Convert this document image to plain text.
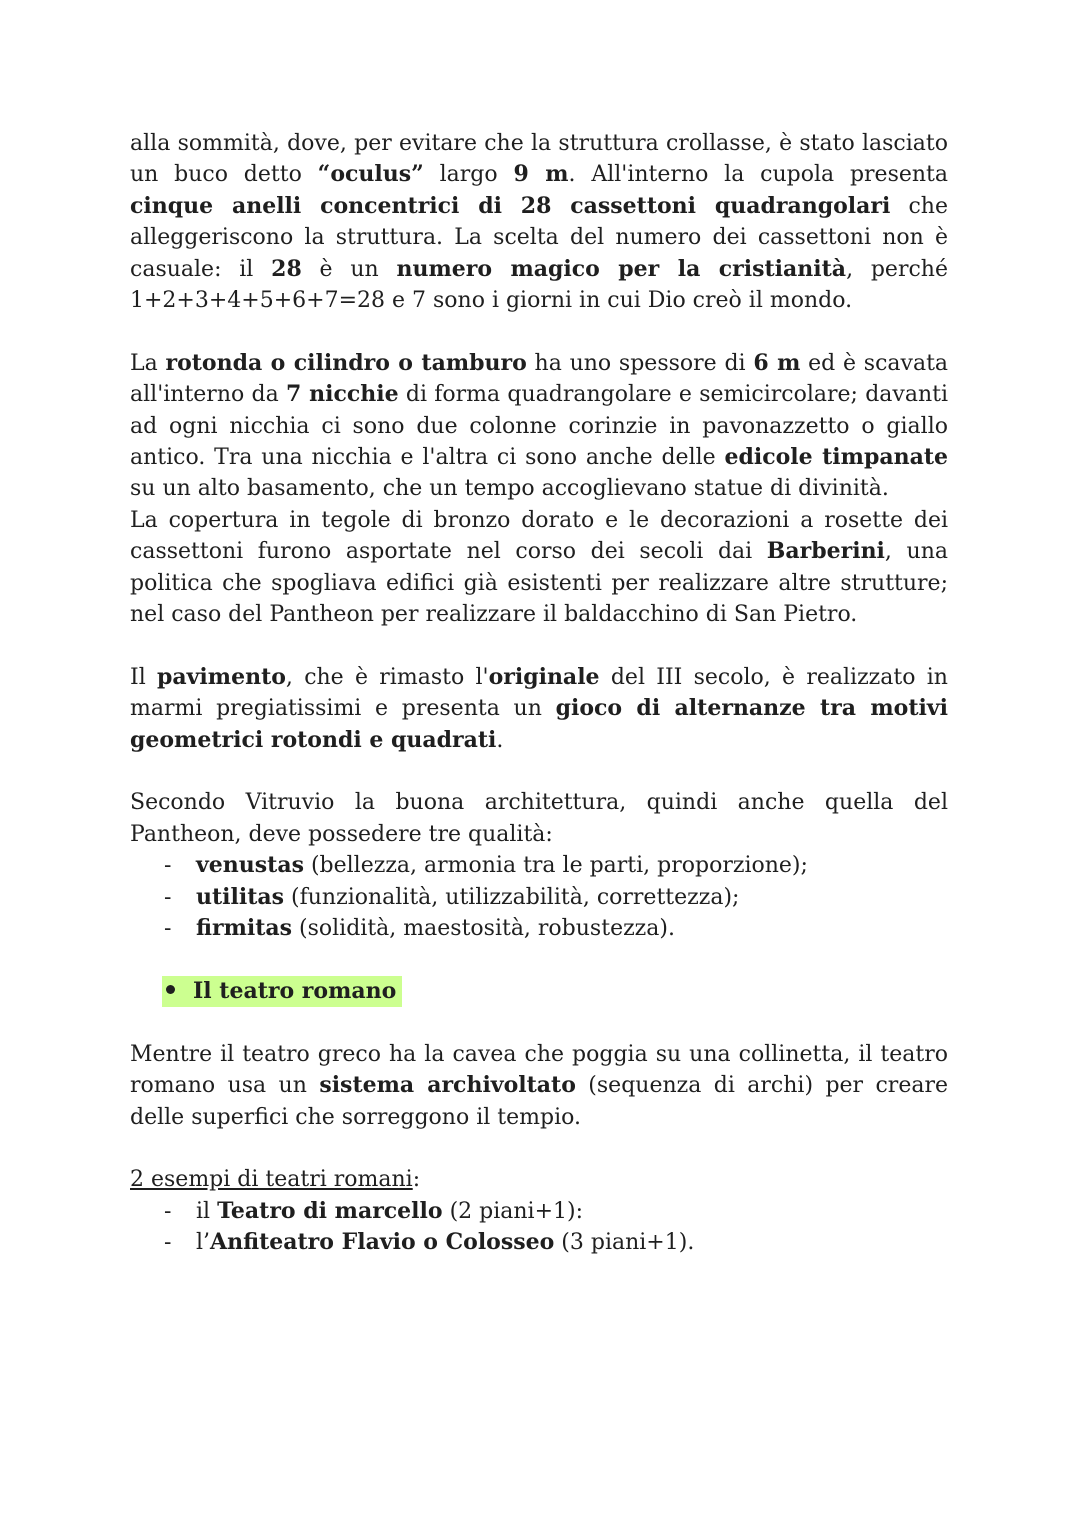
alla sommità, dove, per evitare che la struttura crollasse, è stato lasciato un buco detto “oculus” largo 9 m. All'interno la cupola presenta cinque anelli concentrici di 28 cassettoni quadrangolari che alleggeriscono la struttura. La scelta del numero dei cassettoni non è casuale: il 28 è un numero magico per la cristianità, perché 1+2+3+4+5+6+7=28 e 7 sono i giorni in cui Dio creò il mondo.

La rotonda o cilindro o tamburo ha uno spessore di 6 m ed è scavata all'interno da 7 nicchie di forma quadrangolare e semicircolare; davanti ad ogni nicchia ci sono due colonne corinzie in pavonazzetto o giallo antico. Tra una nicchia e l'altra ci sono anche delle edicole timpanate su un alto basamento, che un tempo accoglievano statue di divinità.

La copertura in tegole di bronzo dorato e le decorazioni a rosette dei cassettoni furono asportate nel corso dei secoli dai Barberini, una politica che spogliava edifici già esistenti per realizzare altre strutture; nel caso del Pantheon per realizzare il baldacchino di San Pietro.

Il pavimento, che è rimasto l'originale del III secolo, è realizzato in marmi pregiatissimi e presenta un gioco di alternanze tra motivi geometrici rotondi e quadrati.

Secondo Vitruvio la buona architettura, quindi anche quella del Pantheon, deve possedere tre qualità:

- venustas (bellezza, armonia tra le parti, proporzione);
- utilitas (funzionalità, utilizzabilità, correttezza);
- firmitas (solidità, maestosità, robustezza).
Il teatro romano

Mentre il teatro greco ha la cavea che poggia su una collinetta, il teatro romano usa un sistema archivoltato (sequenza di archi) per creare delle superfici che sorreggono il tempio.

2 esempi di teatri romani:

- il Teatro di marcello (2 piani+1):
- l’Anfiteatro Flavio o Colosseo (3 piani+1).
